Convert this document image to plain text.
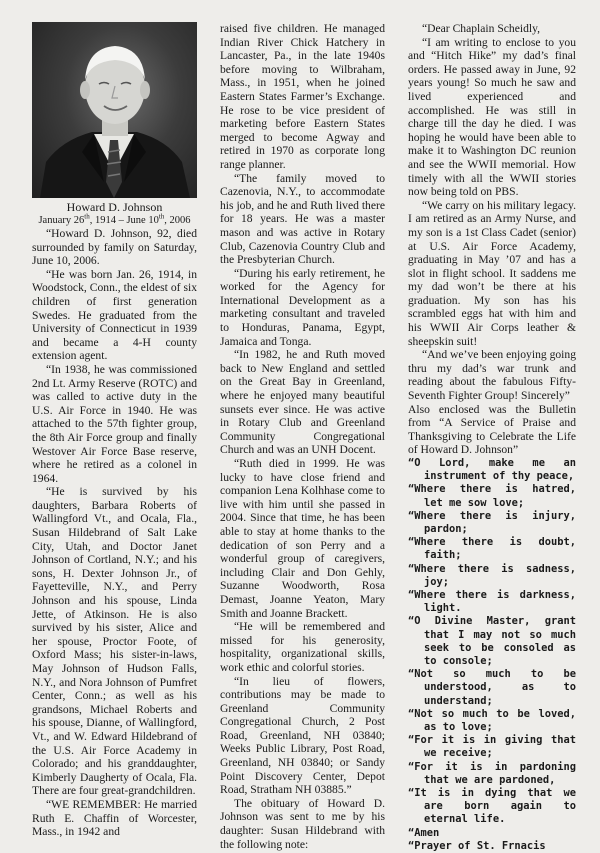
Howard D. Johnson
January 26th, 1914 – June 10th, 2006

“Howard D. Johnson, 92, died surrounded by family on Saturday, June 10, 2006.

“He was born Jan. 26, 1914, in Woodstock, Conn., the eldest of six children of first generation Swedes. He graduated from the University of Connecticut in 1939 and became a 4-H county extension agent.

“In 1938, he was commissioned 2nd Lt. Army Reserve (ROTC) and was called to active duty in the U.S. Air Force in 1940. He was attached to the 57th fighter group, the 8th Air Force group and finally Westover Air Force Base reserve, where he retired as a colonel in 1964.

“He is survived by his daughters, Barbara Roberts of Wallingford Vt., and Ocala, Fla., Susan Hildebrand of Salt Lake City, Utah, and Doctor Janet Johnson of Cortland, N.Y.; and his sons, H. Dexter Johnson Jr., of Fayetteville, N.Y., and Perry Johnson and his spouse, Linda Jette, of Atkinson. He is also survived by his sister, Alice and her spouse, Proctor Foote, of Oxford Mass; his sister-in-laws, May Johnson of Hudson Falls, N.Y., and Nora Johnson of Pumfret Center, Conn.; as well as his grandsons, Michael Roberts and his spouse, Dianne, of Wallingford, Vt., and W. Edward Hildebrand of the U.S. Air Force Academy in Colorado; and his granddaughter, Kimberly Daugherty of Ocala, Fla. There are four great-grandchildren.

“WE REMEMBER: He married Ruth E. Chaffin of Worcester, Mass., in 1942 and

raised five children. He managed Indian River Chick Hatchery in Lancaster, Pa., in the late 1940s before moving to Wilbraham, Mass., in 1951, when he joined Eastern States Farmer’s Exchange. He rose to be vice president of marketing before Eastern States merged to become Agway and retired in 1970 as corporate long range planner.

“The family moved to Cazenovia, N.Y., to accommodate his job, and he and Ruth lived there for 18 years. He was a master mason and was active in Rotary Club, Cazenovia Country Club and the Presbyterian Church.

“During his early retirement, he worked for the Agency for International Development as a marketing consultant and traveled to Honduras, Panama, Egypt, Jamaica and Tonga.

“In 1982, he and Ruth moved back to New England and settled on the Great Bay in Greenland, where he enjoyed many beautiful sunsets ever since. He was active in Rotary Club and Greenland Community Congregational Church and was an UNH Docent.

“Ruth died in 1999. He was lucky to have close friend and companion Lena Kolhhase come to live with him until she passed in 2004. Since that time, he has been able to stay at home thanks to the dedication of son Perry and a wonderful group of caregivers, including Clair and Don Gehly, Suzanne Woodworth, Rosa Demast, Joanne Yeaton, Mary Smith and Joanne Brackett.

“He will be remembered and missed for his generosity, hospitality, organizational skills, work ethic and colorful stories.

“In lieu of flowers, contributions may be made to Greenland Community Congregational Church, 2 Post Road, Greenland, NH 03840; Weeks Public Library, Post Road, Greenland, NH 03840; or Sandy Point Discovery Center, Depot Road, Stratham NH 03885.”

The obituary of Howard D. Johnson was sent to me by his daughter: Susan Hildebrand with the following note:

“Dear Chaplain Scheidly,

“I am writing to enclose to you and “Hitch Hike” my dad’s final orders. He passed away in June, 92 years young! So much he saw and lived experienced and accomplished. He was still in charge till the day he died. I was hoping he would have been able to make it to Washington DC reunion and see the WWII memorial. How timely with all the WWII stories now being told on PBS.

“We carry on his military legacy. I am retired as an Army Nurse, and my son is a 1st Class Cadet (senior) at U.S. Air Force Academy, graduating in May ’07 and has a slot in flight school. It saddens me my dad won’t be there at his graduation. My son has his scrambled eggs hat with him and his WWII Air Corps leather & sheepskin suit!

“And we’ve been enjoying going thru my dad’s war trunk and reading about the fabulous Fifty-Seventh Fighter Group! Sincerely”

Also enclosed was the Bulletin from “A Service of Praise and Thanksgiving to Celebrate the Life of Howard D. Johnson”

“O Lord, make me an instrument of thy peace,
“Where there is hatred, let me sow love;
“Where there is injury, pardon;
“Where there is doubt, faith;
“Where there is sadness, joy;
“Where there is darkness, light.
“O Divine Master, grant that I may not so much seek to be consoled as to console;
“Not so much to be understood, as to understand;
“Not so much to be loved, as to love;
“For it is in giving that we receive;
“For it is in pardoning that we are pardoned,
“It is in dying that we are born again to eternal life.
“Amen
“Prayer of St. Frnacis
